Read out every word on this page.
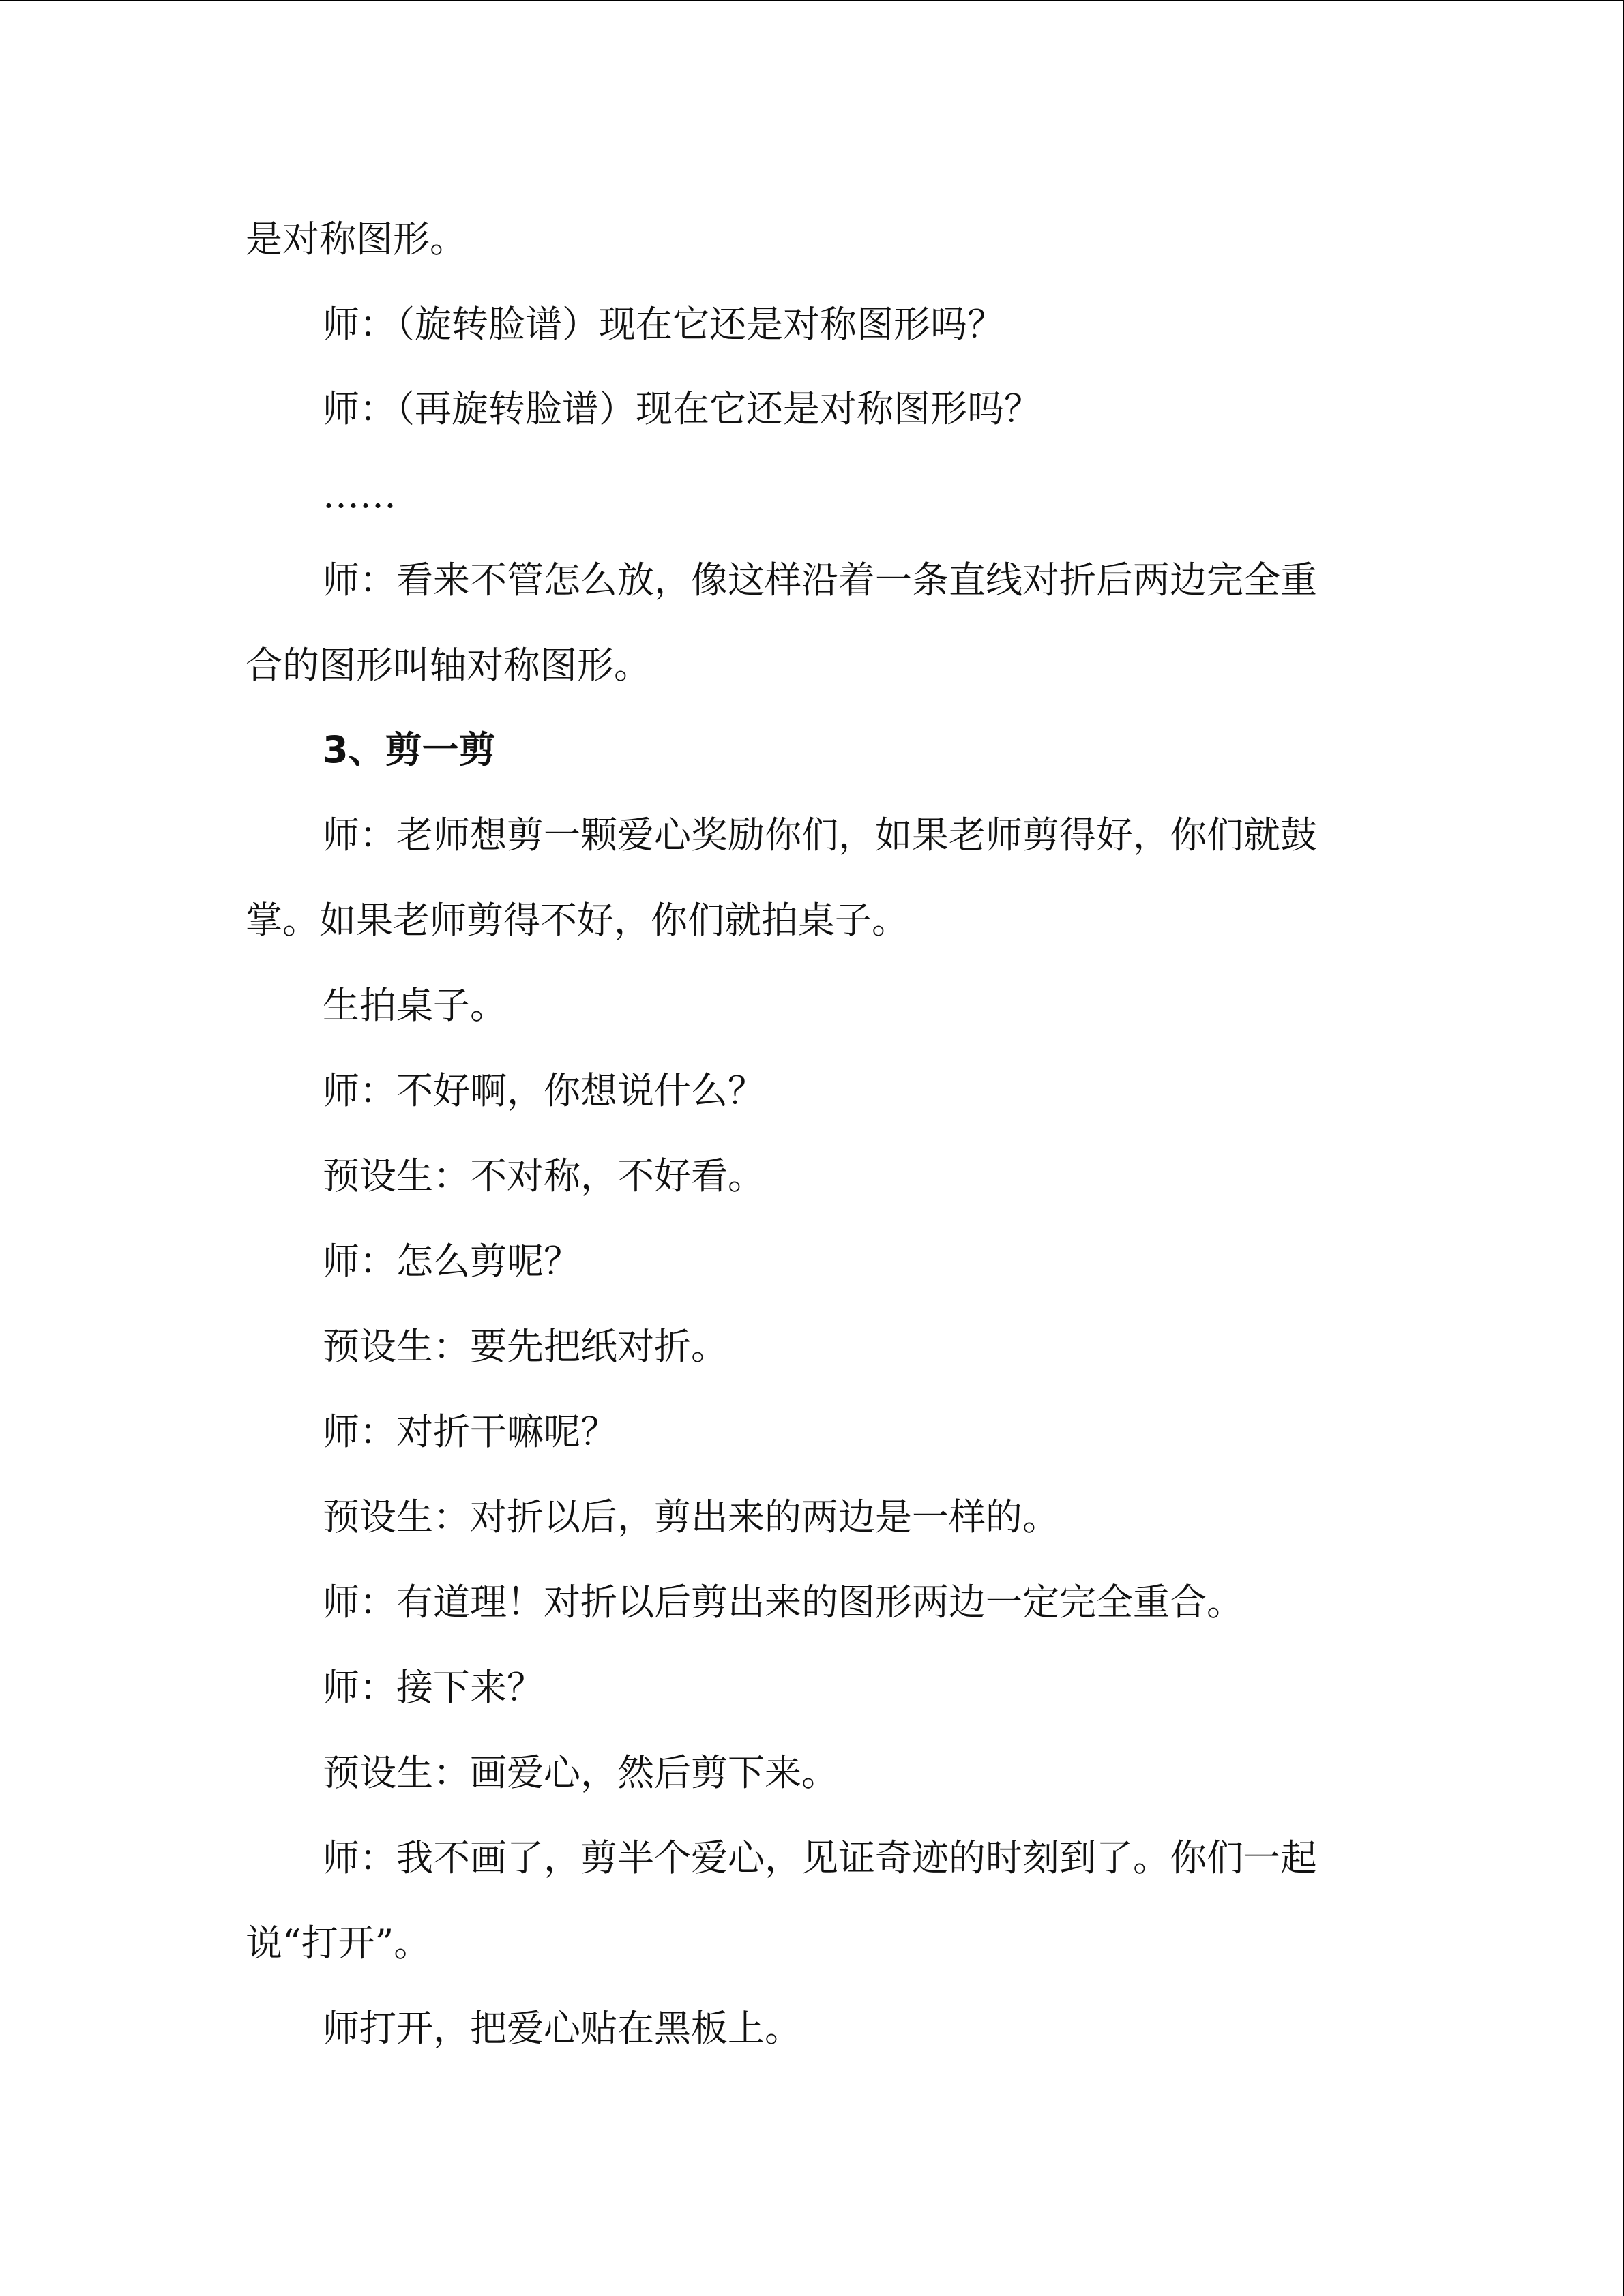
是对称图形。

师：（旋转脸谱）现在它还是对称图形吗？

师：（再旋转脸谱）现在它还是对称图形吗？

……

师：看来不管怎么放，像这样沿着一条直线对折后两边完全重

合的图形叫轴对称图形。

3、剪一剪

师：老师想剪一颗爱心奖励你们，如果老师剪得好，你们就鼓

掌。如果老师剪得不好，你们就拍桌子。

生拍桌子。

师：不好啊，你想说什么？

预设生：不对称，不好看。

师：怎么剪呢？

预设生：要先把纸对折。

师：对折干嘛呢？

预设生：对折以后，剪出来的两边是一样的。

师：有道理！对折以后剪出来的图形两边一定完全重合。

师：接下来？

预设生：画爱心，然后剪下来。

师：我不画了，剪半个爱心，见证奇迹的时刻到了。你们一起

说“打开”。

师打开，把爱心贴在黑板上。
